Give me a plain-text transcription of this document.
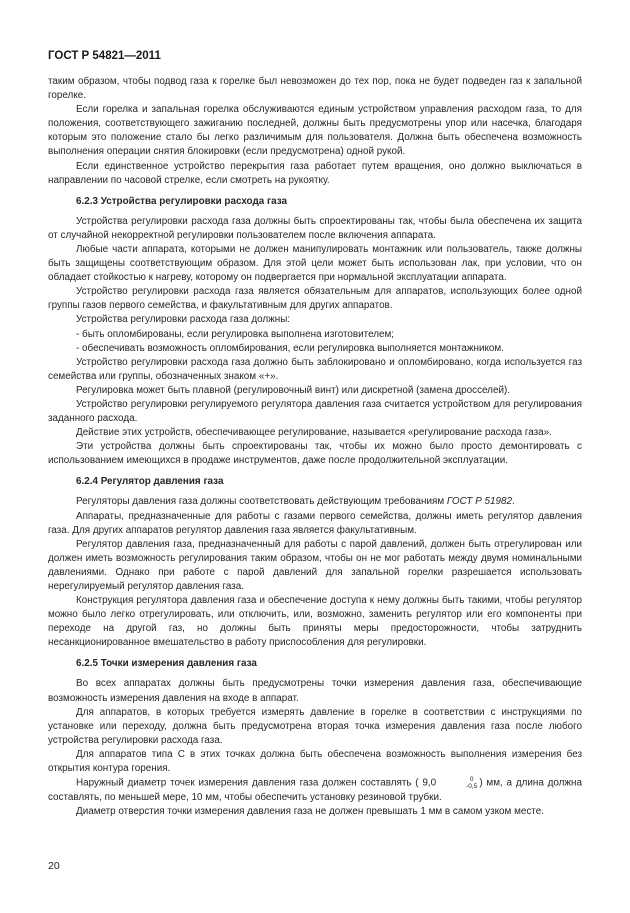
ГОСТ Р 54821—2011

таким образом, чтобы подвод газа к горелке был невозможен до тех пор, пока не будет подведен газ к запальной горелке.

Если горелка и запальная горелка обслуживаются единым устройством управления расходом газа, то для положения, соответствующего зажиганию последней, должны быть предусмотрены упор или насечка, благодаря которым это положение стало бы легко различимым для пользователя. Должна быть обеспечена возможность выполнения операции снятия блокировки (если предусмотрена) одной рукой.

Если единственное устройство перекрытия газа работает путем вращения, оно должно выключаться в направлении по часовой стрелке, если смотреть на рукоятку.

6.2.3 Устройства регулировки расхода газа

Устройства регулировки расхода газа должны быть спроектированы так, чтобы была обеспечена их защита от случайной некорректной регулировки пользователем после включения аппарата.

Любые части аппарата, которыми не должен манипулировать монтажник или пользователь, также должны быть защищены соответствующим образом. Для этой цели может быть использован лак, при условии, что он обладает стойкостью к нагреву, которому он подвергается при нормальной эксплуатации аппарата.

Устройство регулировки расхода газа является обязательным для аппаратов, использующих более одной группы газов первого семейства, и факультативным для других аппаратов.

Устройства регулировки расхода газа должны:

- быть опломбированы, если регулировка выполнена изготовителем;

- обеспечивать возможность опломбирования, если регулировка выполняется монтажником.

Устройство регулировки расхода газа должно быть заблокировано и опломбировано, когда используется газ семейства или группы, обозначенных знаком «+».

Регулировка может быть плавной (регулировочный винт) или дискретной (замена дросселей).

Устройство регулировки регулируемого регулятора давления газа считается устройством для регулирования заданного расхода.

Действие этих устройств, обеспечивающее регулирование, называется «регулирование расхода газа».

Эти устройства должны быть спроектированы так, чтобы их можно было просто демонтировать с использованием имеющихся в продаже инструментов, даже после продолжительной эксплуатации.

6.2.4 Регулятор давления газа

Регуляторы давления газа должны соответствовать действующим требованиям ГОСТ Р 51982.

Аппараты, предназначенные для работы с газами первого семейства, должны иметь регулятор давления газа. Для других аппаратов регулятор давления газа является факультативным.

Регулятор давления газа, предназначенный для работы с парой давлений, должен быть отрегулирован или должен иметь возможность регулирования таким образом, чтобы он не мог работать между двумя номинальными давлениями. Однако при работе с парой давлений для запальной горелки разрешается использовать нерегулируемый регулятор давления газа.

Конструкция регулятора давления газа и обеспечение доступа к нему должны быть такими, чтобы регулятор можно было легко отрегулировать, или отключить, или, возможно, заменить регулятор или его компоненты при переходе на другой газ, но должны быть приняты меры предосторожности, чтобы затруднить несанкционированное вмешательство в работу приспособления для регулировки.

6.2.5 Точки измерения давления газа

Во всех аппаратах должны быть предусмотрены точки измерения давления газа, обеспечивающие возможность измерения давления на входе в аппарат.

Для аппаратов, в которых требуется измерять давление в горелке в соответствии с инструкциями по установке или переходу, должна быть предусмотрена вторая точка измерения давления газа после любого устройства регулировки расхода газа.

Для аппаратов типа С в этих точках должна быть обеспечена возможность выполнения измерения без открытия контура горения.

Наружный диаметр точек измерения давления газа должен составлять ( 9,0	0
-0,5 ) мм, а длина должна составлять, по меньшей мере, 10 мм, чтобы обеспечить установку резиновой трубки.

Диаметр отверстия точки измерения давления газа не должен превышать 1 мм в самом узком месте.

20
